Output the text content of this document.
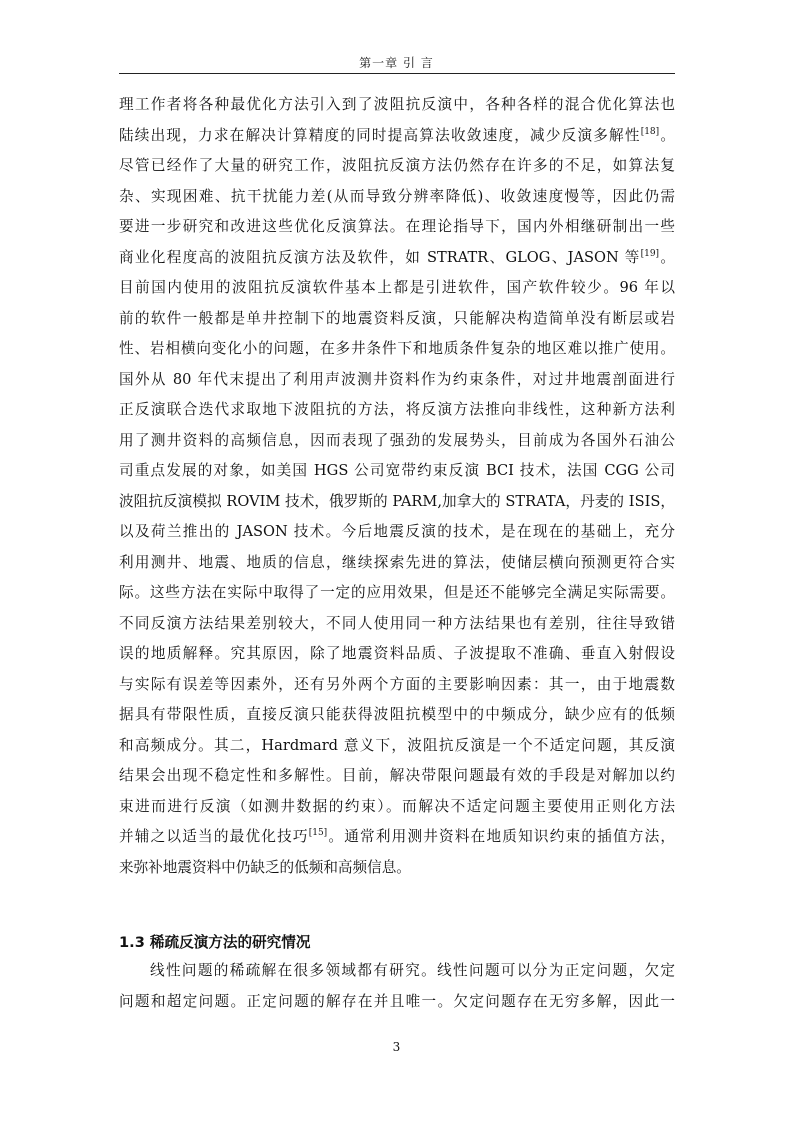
第一章 引 言
理工作者将各种最优化方法引入到了波阻抗反演中，各种各样的混合优化算法也
陆续出现，力求在解决计算精度的同时提高算法收敛速度，减少反演多解性[18]。
尽管已经作了大量的研究工作，波阻抗反演方法仍然存在许多的不足，如算法复
杂、实现困难、抗干扰能力差(从而导致分辨率降低)、收敛速度慢等，因此仍需
要进一步研究和改进这些优化反演算法。在理论指导下，国内外相继研制出一些
商业化程度高的波阻抗反演方法及软件，如 STRATR、GLOG、JASON 等[19]。
目前国内使用的波阻抗反演软件基本上都是引进软件，国产软件较少。96 年以
前的软件一般都是单井控制下的地震资料反演，只能解决构造简单没有断层或岩
性、岩相横向变化小的问题，在多井条件下和地质条件复杂的地区难以推广使用。
国外从 80 年代末提出了利用声波测井资料作为约束条件，对过井地震剖面进行
正反演联合迭代求取地下波阻抗的方法，将反演方法推向非线性，这种新方法利
用了测井资料的高频信息，因而表现了强劲的发展势头，目前成为各国外石油公
司重点发展的对象，如美国 HGS 公司宽带约束反演 BCI 技术，法国 CGG 公司
波阻抗反演模拟 ROVIM 技术，俄罗斯的 PARM,加拿大的 STRATA，丹麦的 ISIS，
以及荷兰推出的 JASON 技术。今后地震反演的技术，是在现在的基础上，充分
利用测井、地震、地质的信息，继续探索先进的算法，使储层横向预测更符合实
际。这些方法在实际中取得了一定的应用效果，但是还不能够完全满足实际需要。
不同反演方法结果差别较大，不同人使用同一种方法结果也有差别，往往导致错
误的地质解释。究其原因，除了地震资料品质、子波提取不准确、垂直入射假设
与实际有误差等因素外，还有另外两个方面的主要影响因素：其一，由于地震数
据具有带限性质，直接反演只能获得波阻抗模型中的中频成分，缺少应有的低频
和高频成分。其二，Hardmard 意义下，波阻抗反演是一个不适定问题，其反演
结果会出现不稳定性和多解性。目前，解决带限问题最有效的手段是对解加以约
束进而进行反演（如测井数据的约束）。而解决不适定问题主要使用正则化方法
并辅之以适当的最优化技巧[15]。通常利用测井资料在地质知识约束的插值方法，
来弥补地震资料中仍缺乏的低频和高频信息。
1.3 稀疏反演方法的研究情况
线性问题的稀疏解在很多领域都有研究。线性问题可以分为正定问题，欠定
问题和超定问题。正定问题的解存在并且唯一。欠定问题存在无穷多解，因此一
3
